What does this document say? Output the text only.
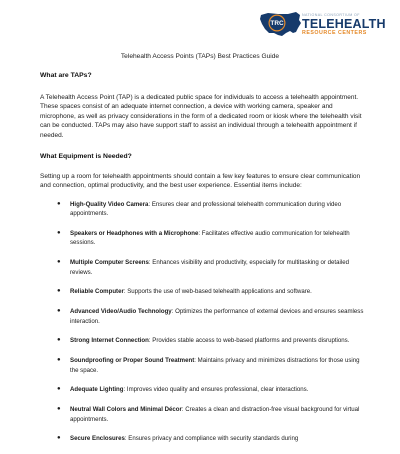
TRC
NATIONAL CONSORTIUM OF
TELEHEALTH
RESOURCE CENTERS
Telehealth Access Points (TAPs) Best Practices Guide
What are TAPs?

A Telehealth Access Point (TAP) is a dedicated public space for individuals to access a telehealth appointment. These spaces consist of an adequate internet connection, a device with working camera, speaker and microphone, as well as privacy considerations in the form of a dedicated room or kiosk where the telehealth visit can be conducted. TAPs may also have support staff to assist an individual through a telehealth appointment if needed.

What Equipment is Needed?

Setting up a room for telehealth appointments should contain a few key features to ensure clear communication and connection, optimal productivity, and the best user experience. Essential items include:

● High-Quality Video Camera: Ensures clear and professional telehealth communication during video appointments.
● Speakers or Headphones with a Microphone: Facilitates effective audio communication for telehealth sessions.
● Multiple Computer Screens: Enhances visibility and productivity, especially for multitasking or detailed reviews.
● Reliable Computer: Supports the use of web-based telehealth applications and software.
● Advanced Video/Audio Technology: Optimizes the performance of external devices and ensures seamless interaction.
● Strong Internet Connection: Provides stable access to web-based platforms and prevents disruptions.
● Soundproofing or Proper Sound Treatment: Maintains privacy and minimizes distractions for those using the space.
● Adequate Lighting: Improves video quality and ensures professional, clear interactions.
● Neutral Wall Colors and Minimal Décor: Creates a clean and distraction-free visual background for virtual appointments.
● Secure Enclosures: Ensures privacy and compliance with security standards during
